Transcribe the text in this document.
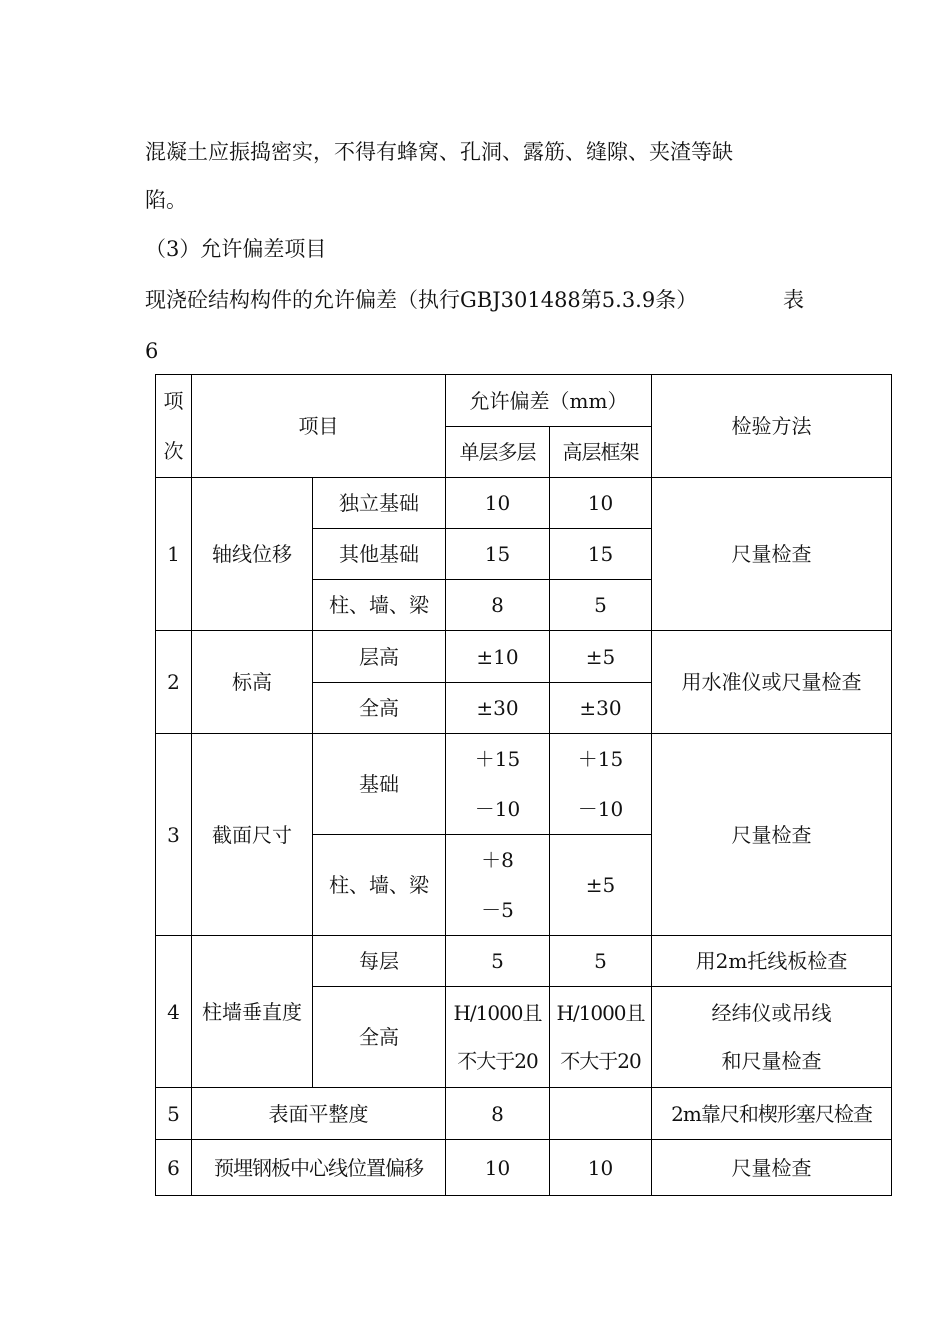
混凝土应振捣密实，不得有蜂窝、孔洞、露筋、缝隙、夹渣等缺
陷。
（3）允许偏差项目
现浇砼结构构件的允许偏差（执行GBJ301488第5.3.9条）	表
6
项
次	项目		允许偏差（mm）		检验方法
			单层多层	高层框架	
1	轴线位移	独立基础	10	10	尺量检查
		其他基础	15	15	
		柱、墙、梁	8	5	
2	标高	层高	±10	±5	用水准仪或尺量检查
		全高	±30	±30	
3	截面尺寸	基础	＋15
－10	＋15
－10	尺量检查
		柱、墙、梁	＋8
－5	±5	
4	柱墙垂直度	每层	5	5	用2m托线板检查
		全高	H/1000且
不大于20	H/1000且
不大于20	经纬仪或吊线
和尺量检查

5	表面平整度		8		2m靠尺和楔形塞尺检查
6	预埋钢板中心线位置偏移		10	10	尺量检查
